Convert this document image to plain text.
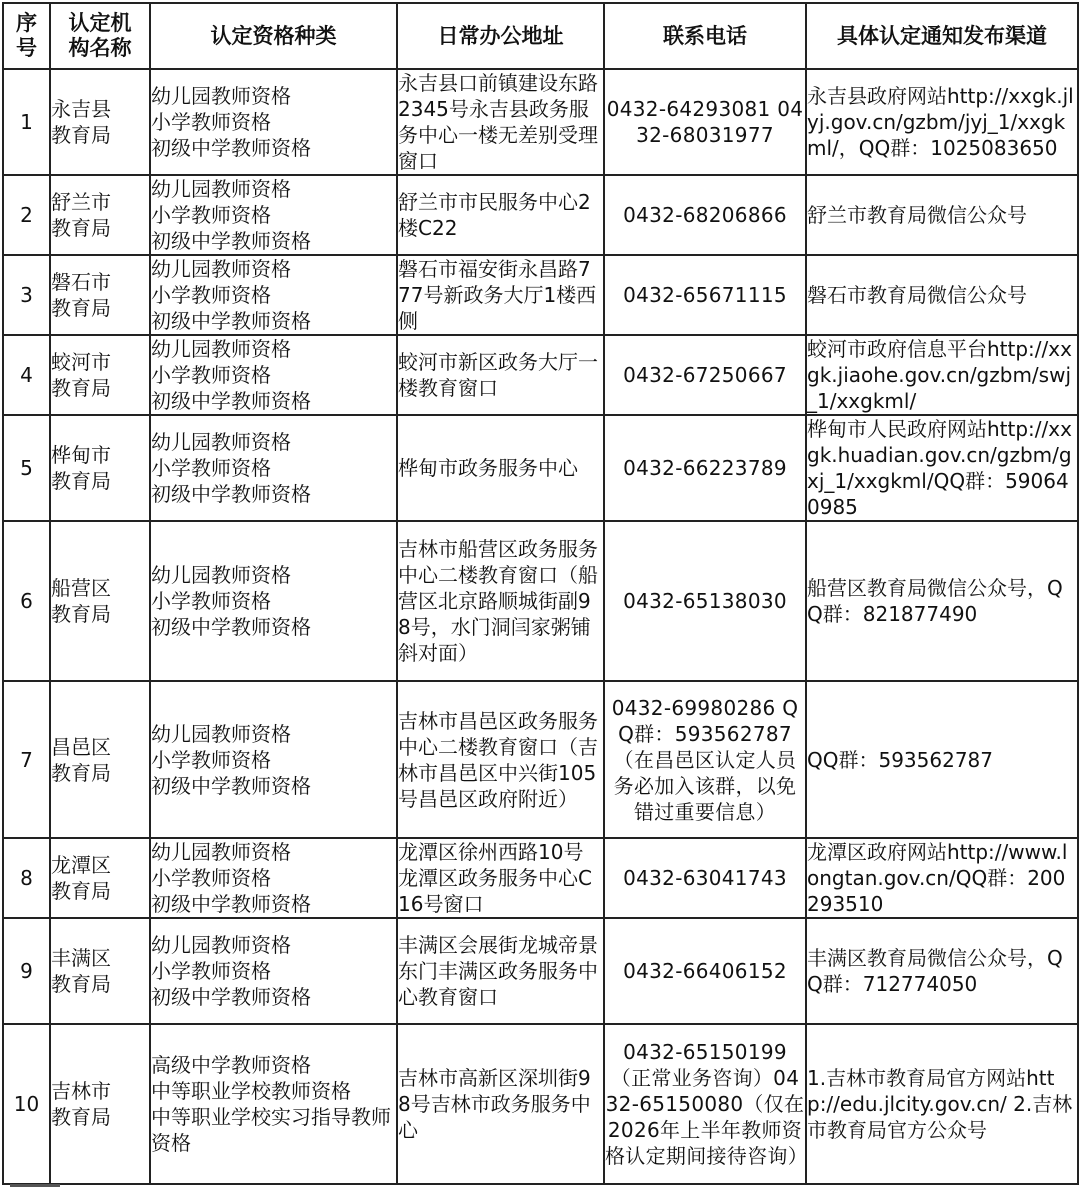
序号	认定机构名称	认定资格种类	日常办公地址	联系电话	具体认定通知发布渠道
1	永吉县教育局	幼儿园教师资格
小学教师资格
初级中学教师资格	永吉县口前镇建设东路2345号永吉县政务服务中心一楼无差别受理窗口	0432-64293081 0432-68031977	永吉县政府网站http://xxgk.jlyj.gov.cn/gzbm/jyj_1/xxgkml/，QQ群：1025083650
2	舒兰市教育局	幼儿园教师资格
小学教师资格
初级中学教师资格	舒兰市市民服务中心2楼C22	0432-68206866	舒兰市教育局微信公众号
3	磐石市教育局	幼儿园教师资格
小学教师资格
初级中学教师资格	磐石市福安街永昌路777号新政务大厅1楼西侧	0432-65671115	磐石市教育局微信公众号
4	蛟河市教育局	幼儿园教师资格
小学教师资格
初级中学教师资格	蛟河市新区政务大厅一楼教育窗口	0432-67250667	蛟河市政府信息平台http://xxgk.jiaohe.gov.cn/gzbm/swj_1/xxgkml/
5	桦甸市教育局	幼儿园教师资格
小学教师资格
初级中学教师资格	桦甸市政务服务中心	0432-66223789	桦甸市人民政府网站http://xxgk.huadian.gov.cn/gzbm/gxj_1/xxgkml/QQ群：590640985
6	船营区教育局	幼儿园教师资格
小学教师资格
初级中学教师资格	吉林市船营区政务服务中心二楼教育窗口（船营区北京路顺城街副98号，水门洞闫家粥铺斜对面）	0432-65138030	船营区教育局微信公众号，QQ群：821877490
7	昌邑区教育局	幼儿园教师资格
小学教师资格
初级中学教师资格	吉林市昌邑区政务服务中心二楼教育窗口（吉林市昌邑区中兴街105号昌邑区政府附近）	0432-69980286 QQ群：593562787（在昌邑区认定人员务必加入该群，以免错过重要信息）	QQ群：593562787
8	龙潭区教育局	幼儿园教师资格
小学教师资格
初级中学教师资格	龙潭区徐州西路10号龙潭区政务服务中心C16号窗口	0432-63041743	龙潭区政府网站http://www.longtan.gov.cn/QQ群：200293510
9	丰满区教育局	幼儿园教师资格
小学教师资格
初级中学教师资格	丰满区会展街龙城帝景东门丰满区政务服务中心教育窗口	0432-66406152	丰满区教育局微信公众号，QQ群：712774050
10	吉林市教育局	高级中学教师资格
中等职业学校教师资格
中等职业学校实习指导教师资格	吉林市高新区深圳街98号吉林市政务服务中心	0432-65150199（正常业务咨询）0432-65150080（仅在2026年上半年教师资格认定期间接待咨询）	1.吉林市教育局官方网站http://edu.jlcity.gov.cn/ 2.吉林市教育局官方公众号
